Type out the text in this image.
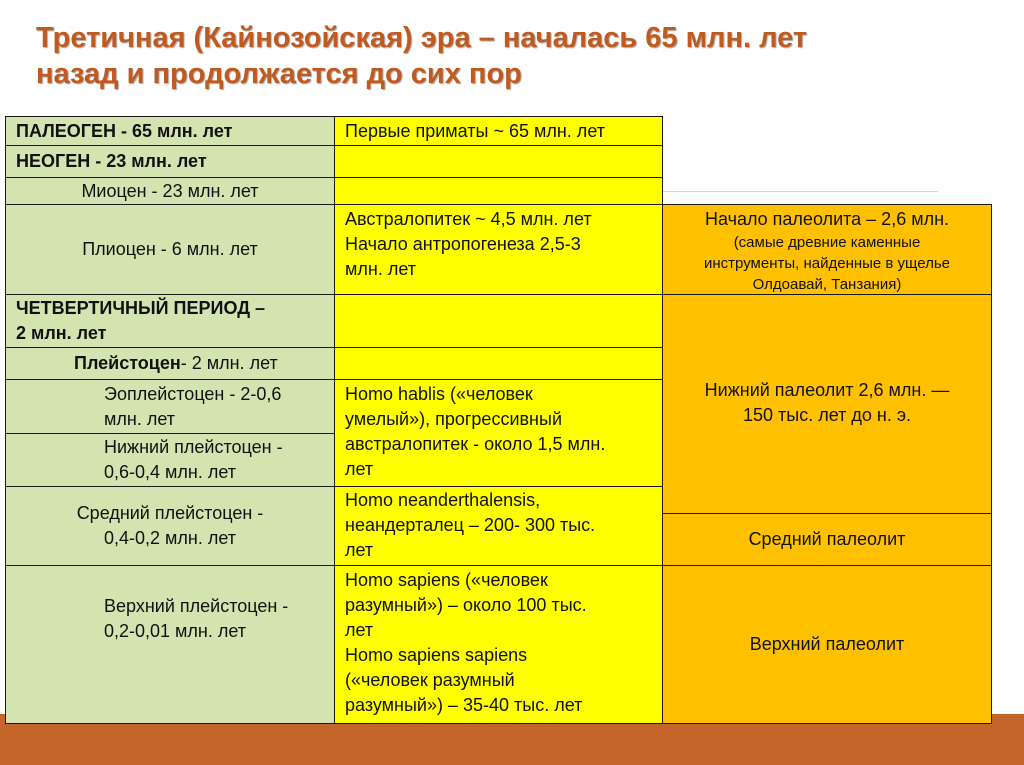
Третичная (Кайнозойская) эра – началась 65 млн. лет
назад и продолжается до сих пор
ПАЛЕОГЕН - 65 млн. лет
НЕОГЕН - 23 млн. лет
Миоцен - 23 млн. лет
Плиоцен - 6 млн. лет
ЧЕТВЕРТИЧНЫЙ ПЕРИОД –
2 млн. лет
Плейстоцен - 2 млн. лет
Эоплейстоцен - 2-0,6
млн. лет
Нижний плейстоцен -
0,6-0,4 млн. лет
Средний плейстоцен -
0,4-0,2 млн. лет
Верхний плейстоцен -
0,2-0,01 млн. лет
Первые приматы ~ 65 млн. лет
Австралопитек ~ 4,5 млн. лет
Начало антропогенеза 2,5-3
млн. лет
Homo hablis («человек
умелый»), прогрессивный
австралопитек - около 1,5 млн.
лет
Homo neanderthalensis,
неандерталец – 200- 300 тыс.
лет
Homo sapiens («человек
разумный») – около 100 тыс.
лет
Homo sapiens sapiens
(«человек разумный
разумный») – 35-40 тыс. лет
Начало палеолита – 2,6 млн.
(самые древние каменные
инструменты, найденные в ущелье
Олдоавай, Танзания)
Нижний палеолит 2,6 млн. —
150 тыс. лет до н. э.
Средний палеолит
Верхний палеолит
